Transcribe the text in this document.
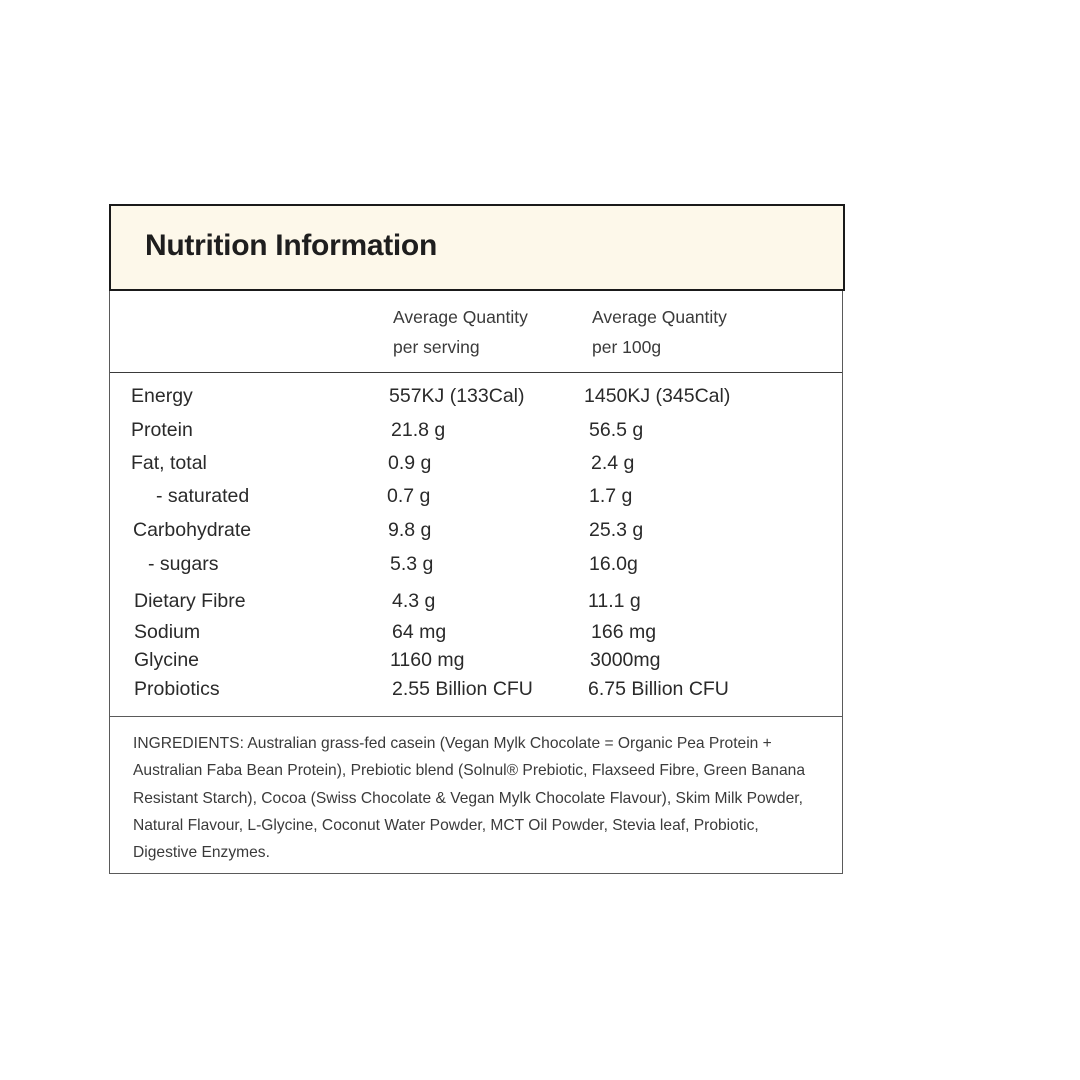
Nutrition Information
Average Quantity
per serving
Average Quantity
per 100g
Energy	557KJ (133Cal)	1450KJ (345Cal)
Protein	21.8 g	56.5 g
Fat, total	0.9 g	2.4 g
- saturated	0.7 g	1.7 g
Carbohydrate	9.8 g	25.3 g
- sugars	5.3 g	16.0g
Dietary Fibre	4.3 g	11.1 g
Sodium	64 mg	166 mg
Glycine	1160 mg	3000mg
Probiotics	2.55 Billion CFU	6.75 Billion CFU
INGREDIENTS: Australian grass-fed casein (Vegan Mylk Chocolate = Organic Pea Protein + Australian Faba Bean Protein), Prebiotic blend (Solnul® Prebiotic, Flaxseed Fibre, Green Banana Resistant Starch), Cocoa (Swiss Chocolate & Vegan Mylk Chocolate Flavour), Skim Milk Powder, Natural Flavour, L-Glycine, Coconut Water Powder, MCT Oil Powder, Stevia leaf, Probiotic, Digestive Enzymes.
